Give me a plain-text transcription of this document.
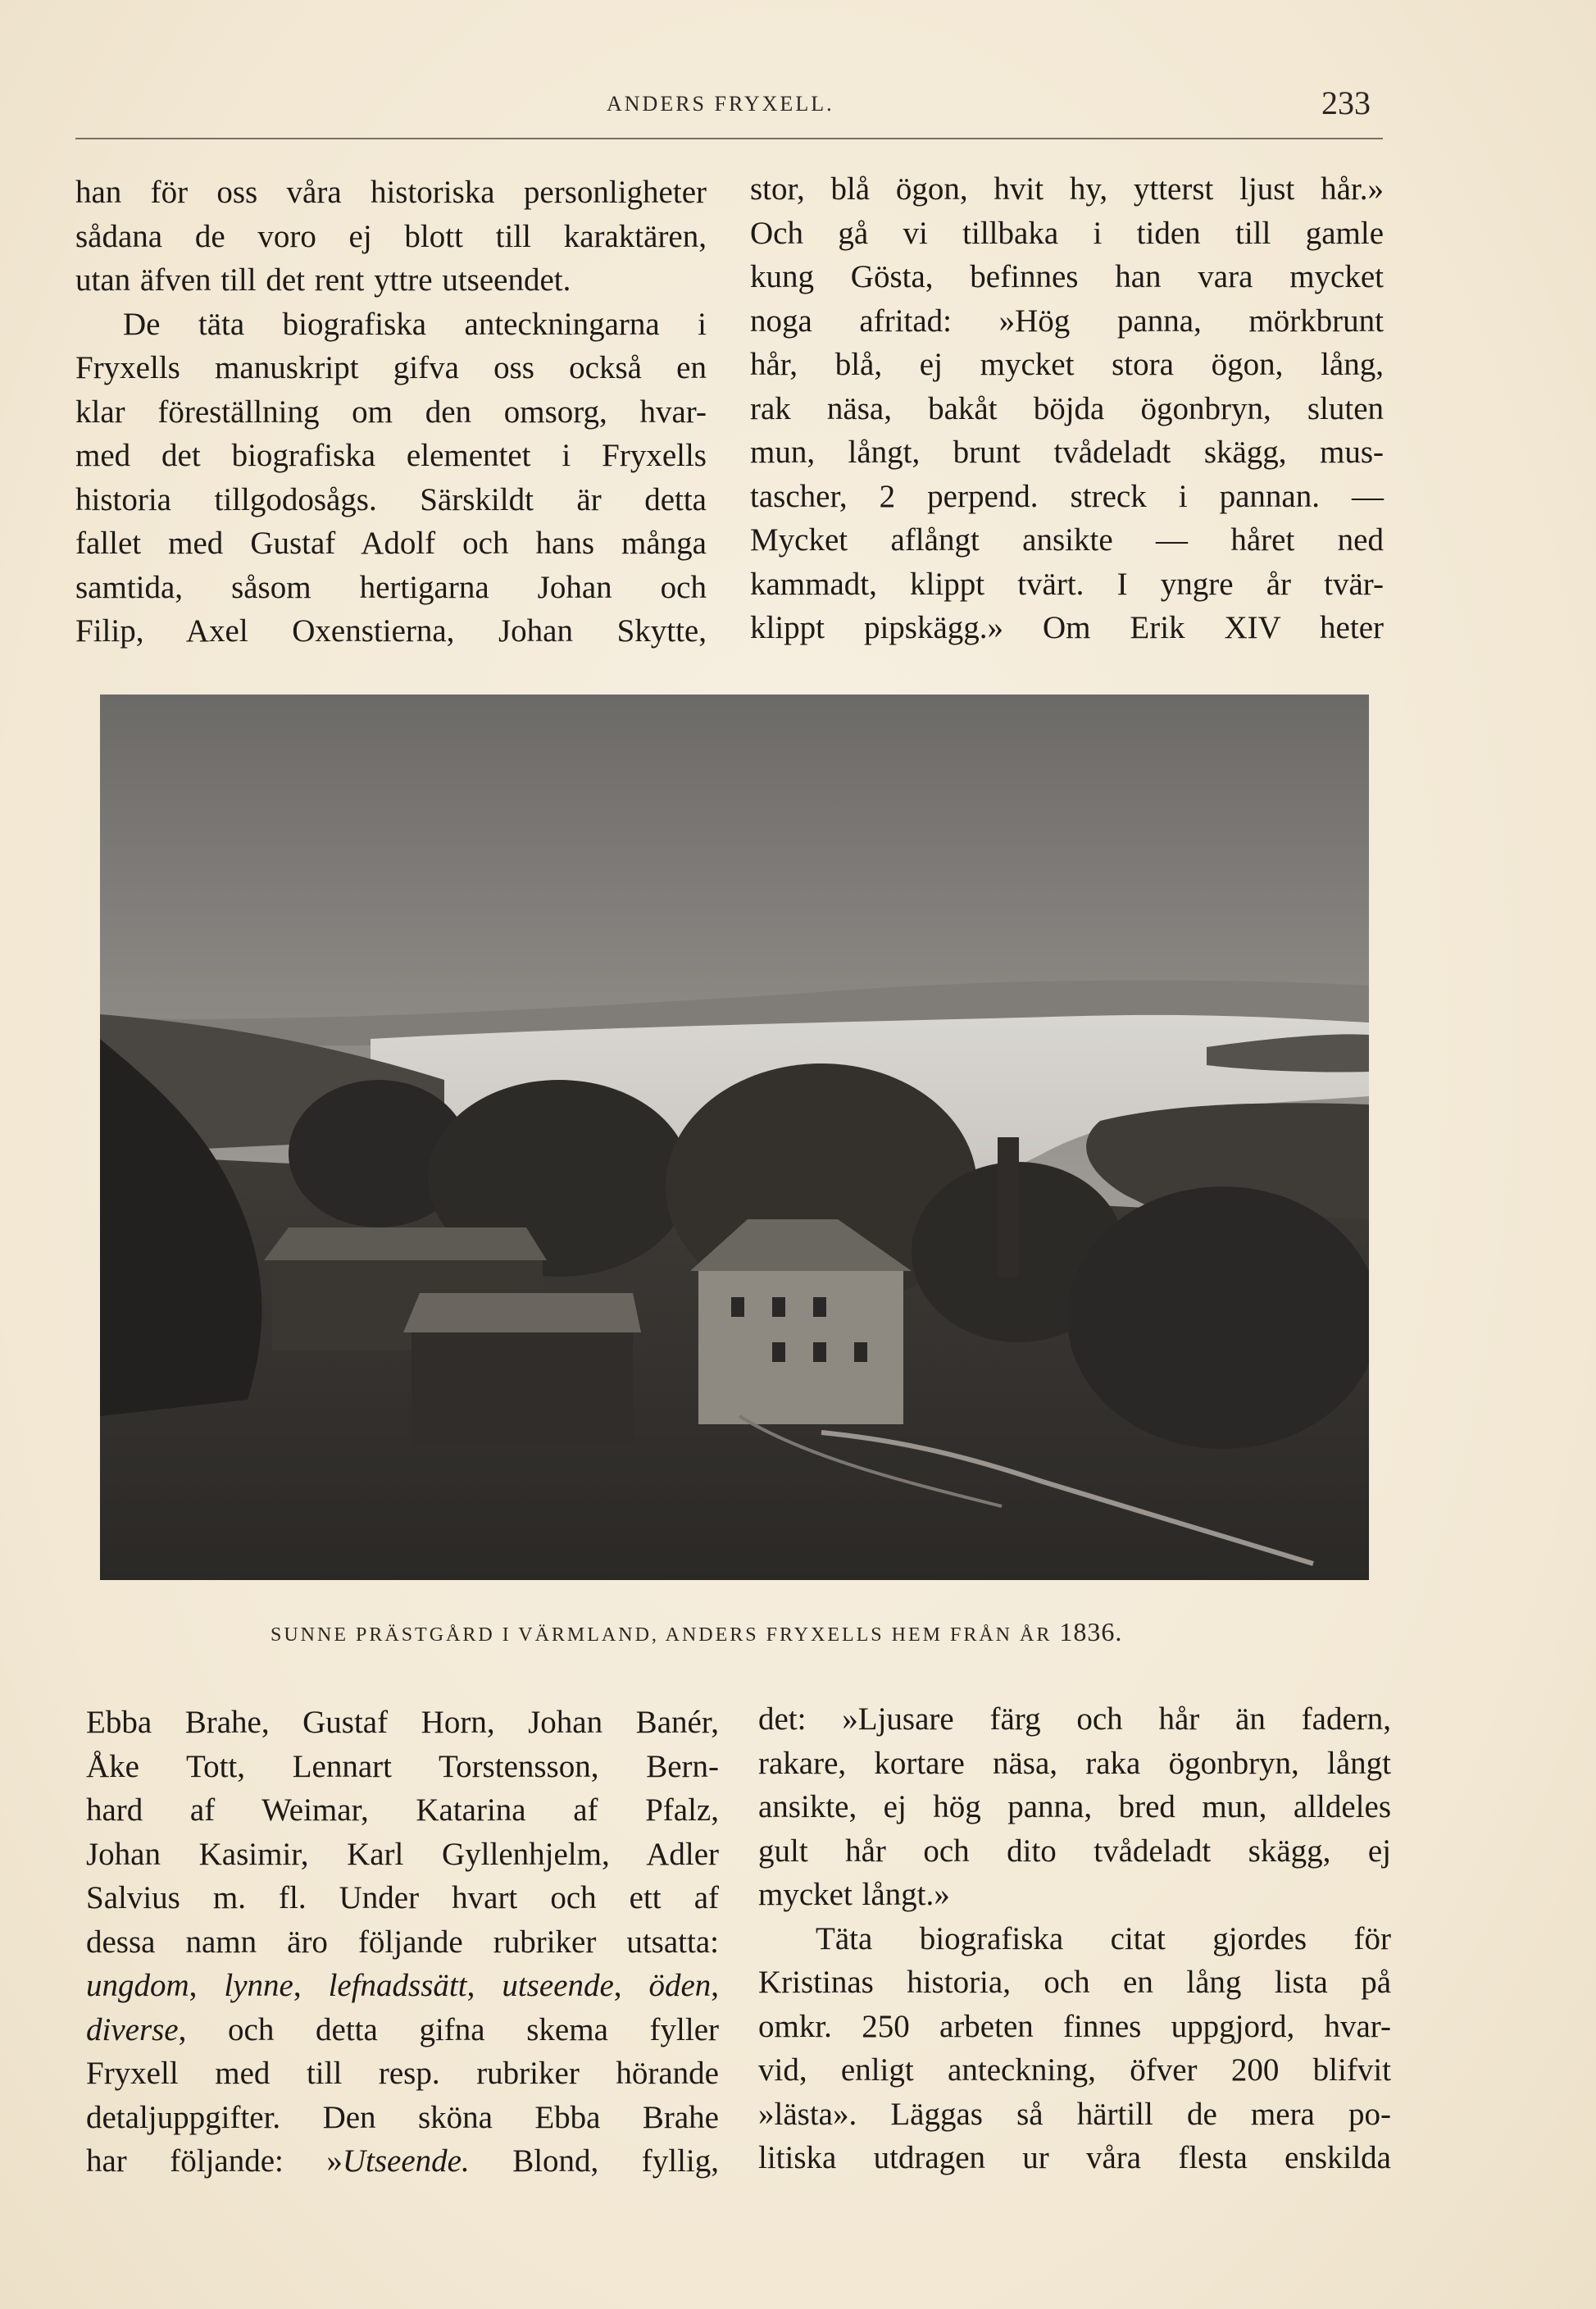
ANDERS FRYXELL.	233
han för oss våra historiska personligheter
sådana de voro ej blott till karaktären,
utan äfven till det rent yttre utseendet.
De täta biografiska anteckningarna i
Fryxells manuskript gifva oss också en
klar föreställning om den omsorg, hvar-
med det biografiska elementet i Fryxells
historia tillgodosågs. Särskildt är detta
fallet med Gustaf Adolf och hans många
samtida, såsom hertigarna Johan och
Filip, Axel Oxenstierna, Johan Skytte,
stor, blå ögon, hvit hy, ytterst ljust hår.»
Och gå vi tillbaka i tiden till gamle
kung Gösta, befinnes han vara mycket
noga afritad: »Hög panna, mörkbrunt
hår, blå, ej mycket stora ögon, lång,
rak näsa, bakåt böjda ögonbryn, sluten
mun, långt, brunt tvådeladt skägg, mus-
tascher, 2 perpend. streck i pannan. —
Mycket aflångt ansikte — håret ned
kammadt, klippt tvärt. I yngre år tvär-
klippt pipskägg.» Om Erik XIV heter
SUNNE PRÄSTGÅRD I VÄRMLAND, ANDERS FRYXELLS HEM FRÅN ÅR 1836.
Ebba Brahe, Gustaf Horn, Johan Banér,
Åke Tott, Lennart Torstensson, Bern-
hard af Weimar, Katarina af Pfalz,
Johan Kasimir, Karl Gyllenhjelm, Adler
Salvius m. fl. Under hvart och ett af
dessa namn äro följande rubriker utsatta:
ungdom, lynne, lefnadssätt, utseende, öden,
diverse, och detta gifna skema fyller
Fryxell med till resp. rubriker hörande
detaljuppgifter. Den sköna Ebba Brahe
har följande: »Utseende. Blond, fyllig,
det: »Ljusare färg och hår än fadern,
rakare, kortare näsa, raka ögonbryn, långt
ansikte, ej hög panna, bred mun, alldeles
gult hår och dito tvådeladt skägg, ej
mycket långt.»
Täta biografiska citat gjordes för
Kristinas historia, och en lång lista på
omkr. 250 arbeten finnes uppgjord, hvar-
vid, enligt anteckning, öfver 200 blifvit
»lästa». Läggas så härtill de mera po-
litiska utdragen ur våra flesta enskilda
